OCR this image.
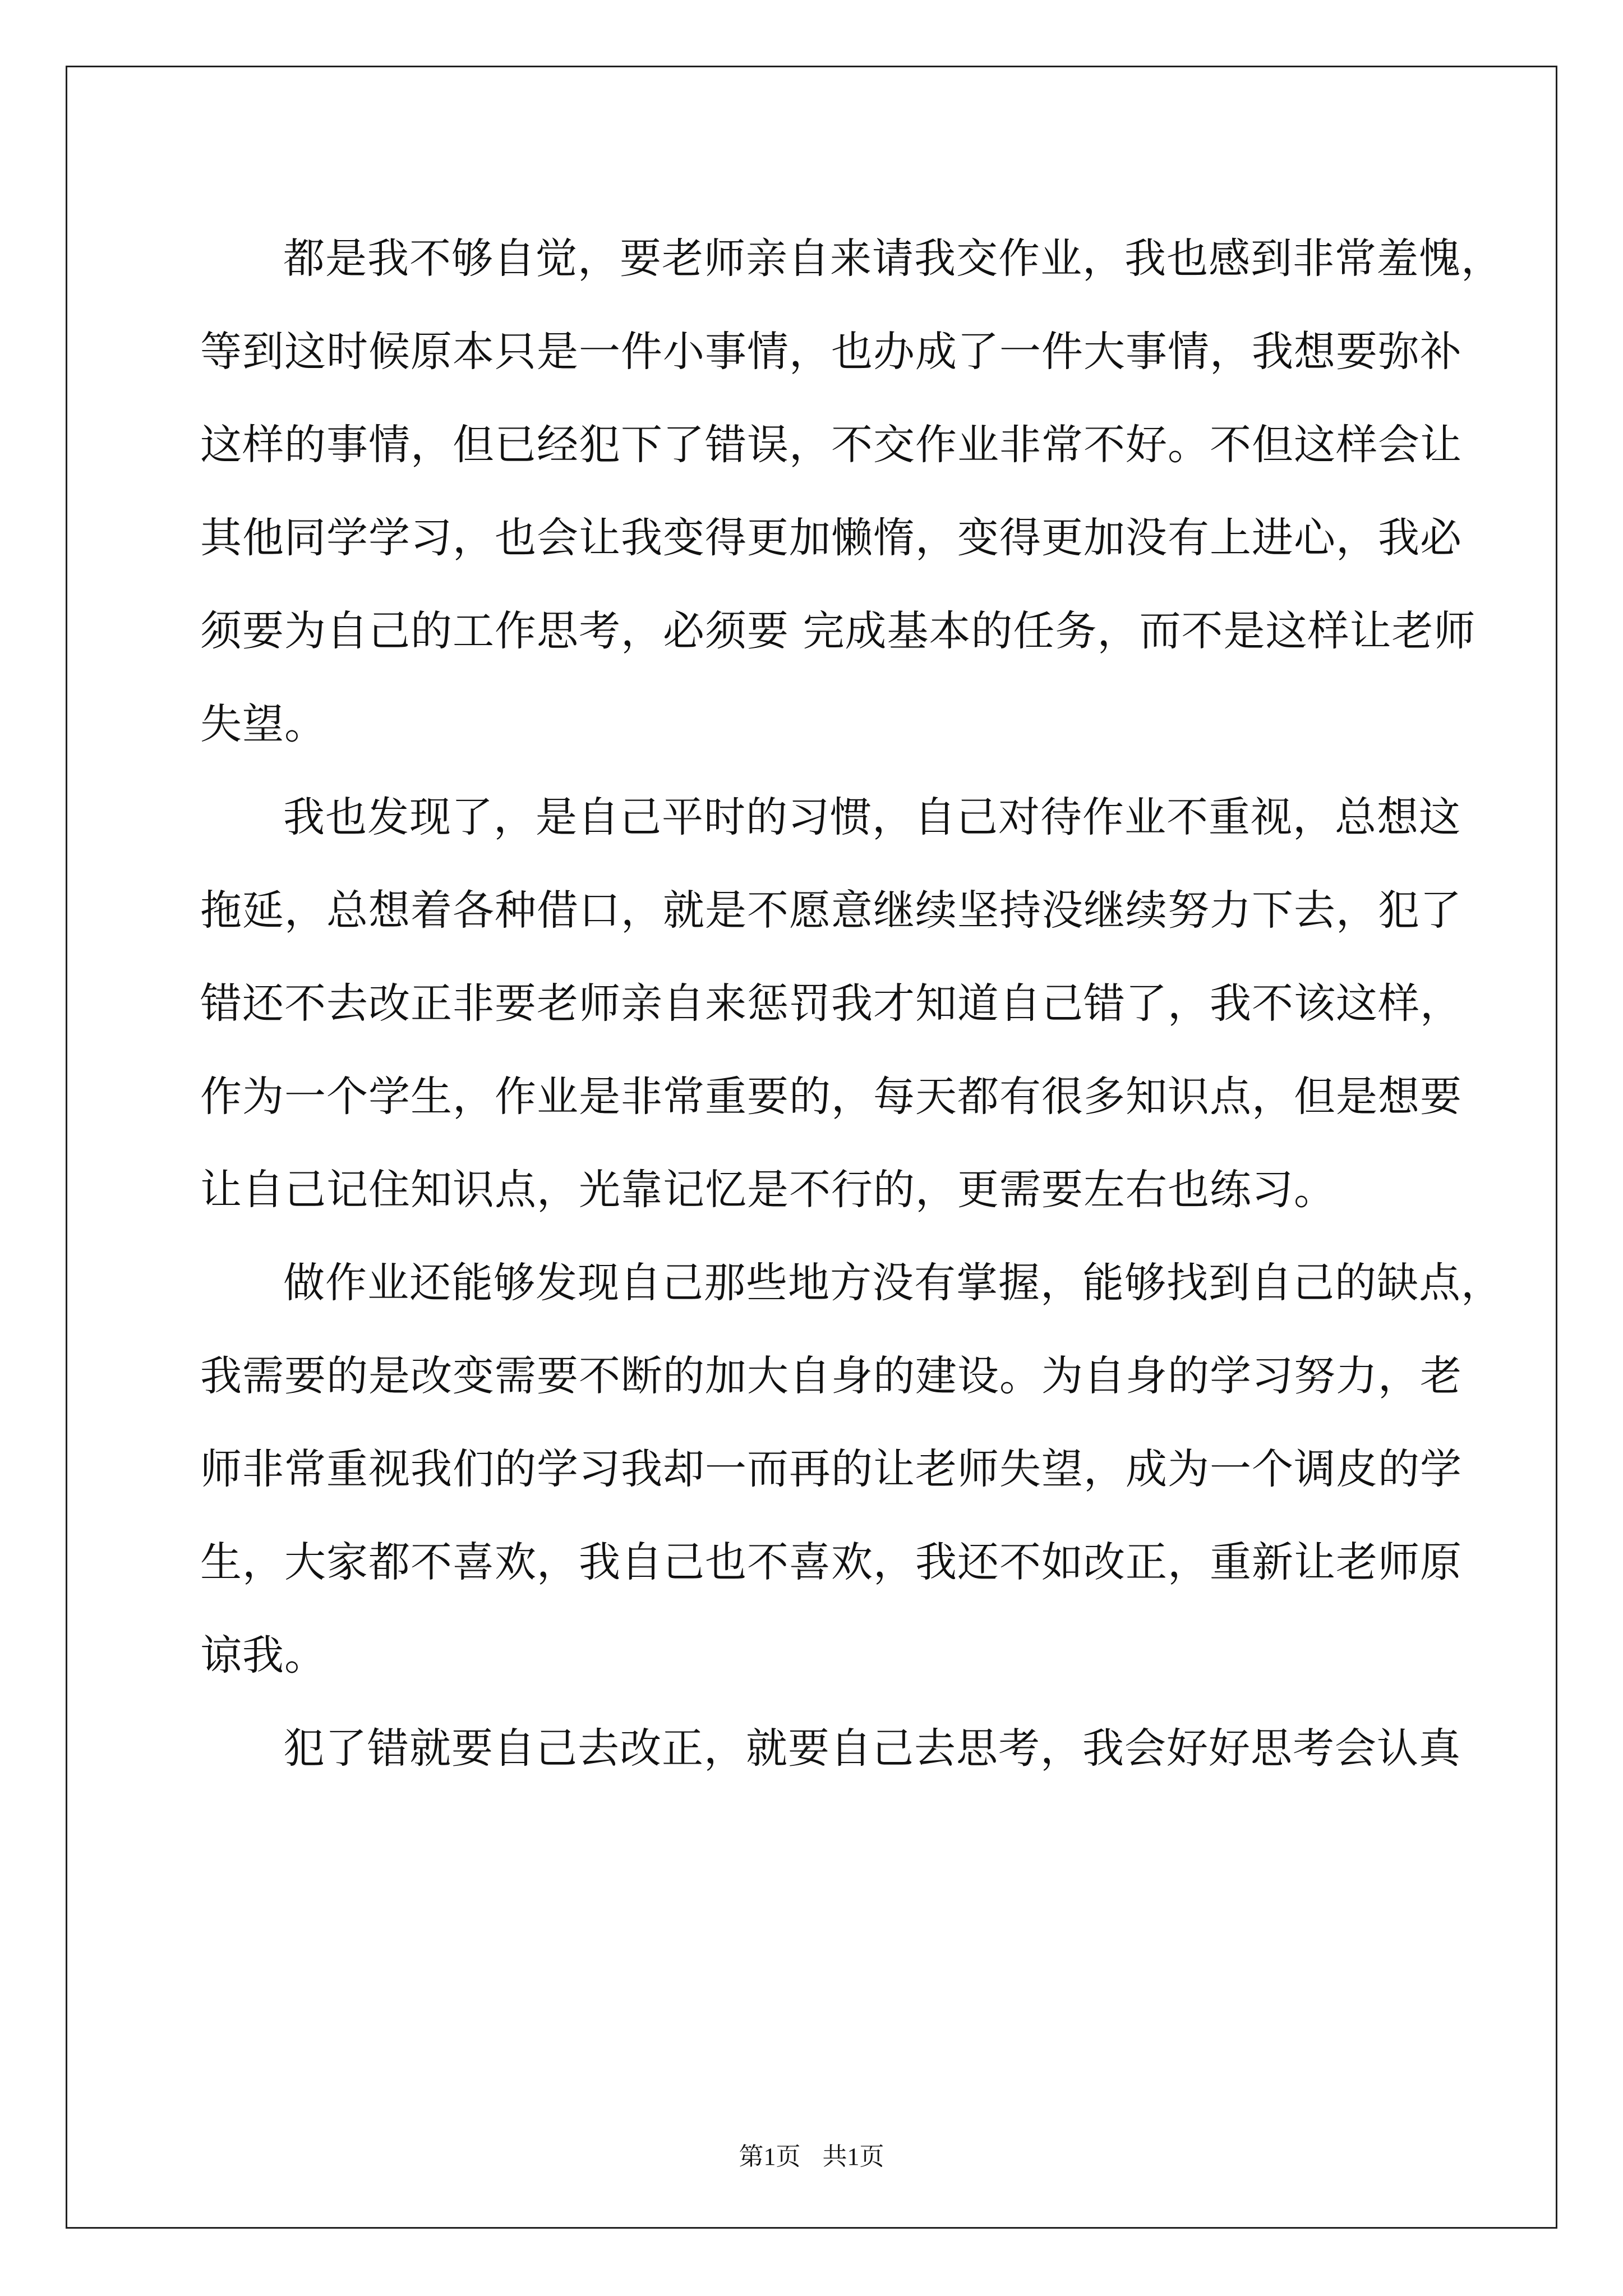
都是我不够自觉，要老师亲自来请我交作业，我也感到非常羞愧，
等到这时候原本只是一件小事情，也办成了一件大事情，我想要弥补
这样的事情，但已经犯下了错误，不交作业非常不好。不但这样会让
其他同学学习，也会让我变得更加懒惰，变得更加没有上进心，我必
须要为自己的工作思考，必须要 完成基本的任务，而不是这样让老师
失望。
我也发现了，是自己平时的习惯，自己对待作业不重视，总想这
拖延，总想着各种借口，就是不愿意继续坚持没继续努力下去，犯了
错还不去改正非要老师亲自来惩罚我才知道自己错了，我不该这样，
作为一个学生，作业是非常重要的，每天都有很多知识点，但是想要
让自己记住知识点，光靠记忆是不行的，更需要左右也练习。
做作业还能够发现自己那些地方没有掌握，能够找到自己的缺点，
我需要的是改变需要不断的加大自身的建设。为自身的学习努力，老
师非常重视我们的学习我却一而再的让老师失望，成为一个调皮的学
生，大家都不喜欢，我自己也不喜欢，我还不如改正，重新让老师原
谅我。
犯了错就要自己去改正，就要自己去思考，我会好好思考会认真
第1页 共1页
